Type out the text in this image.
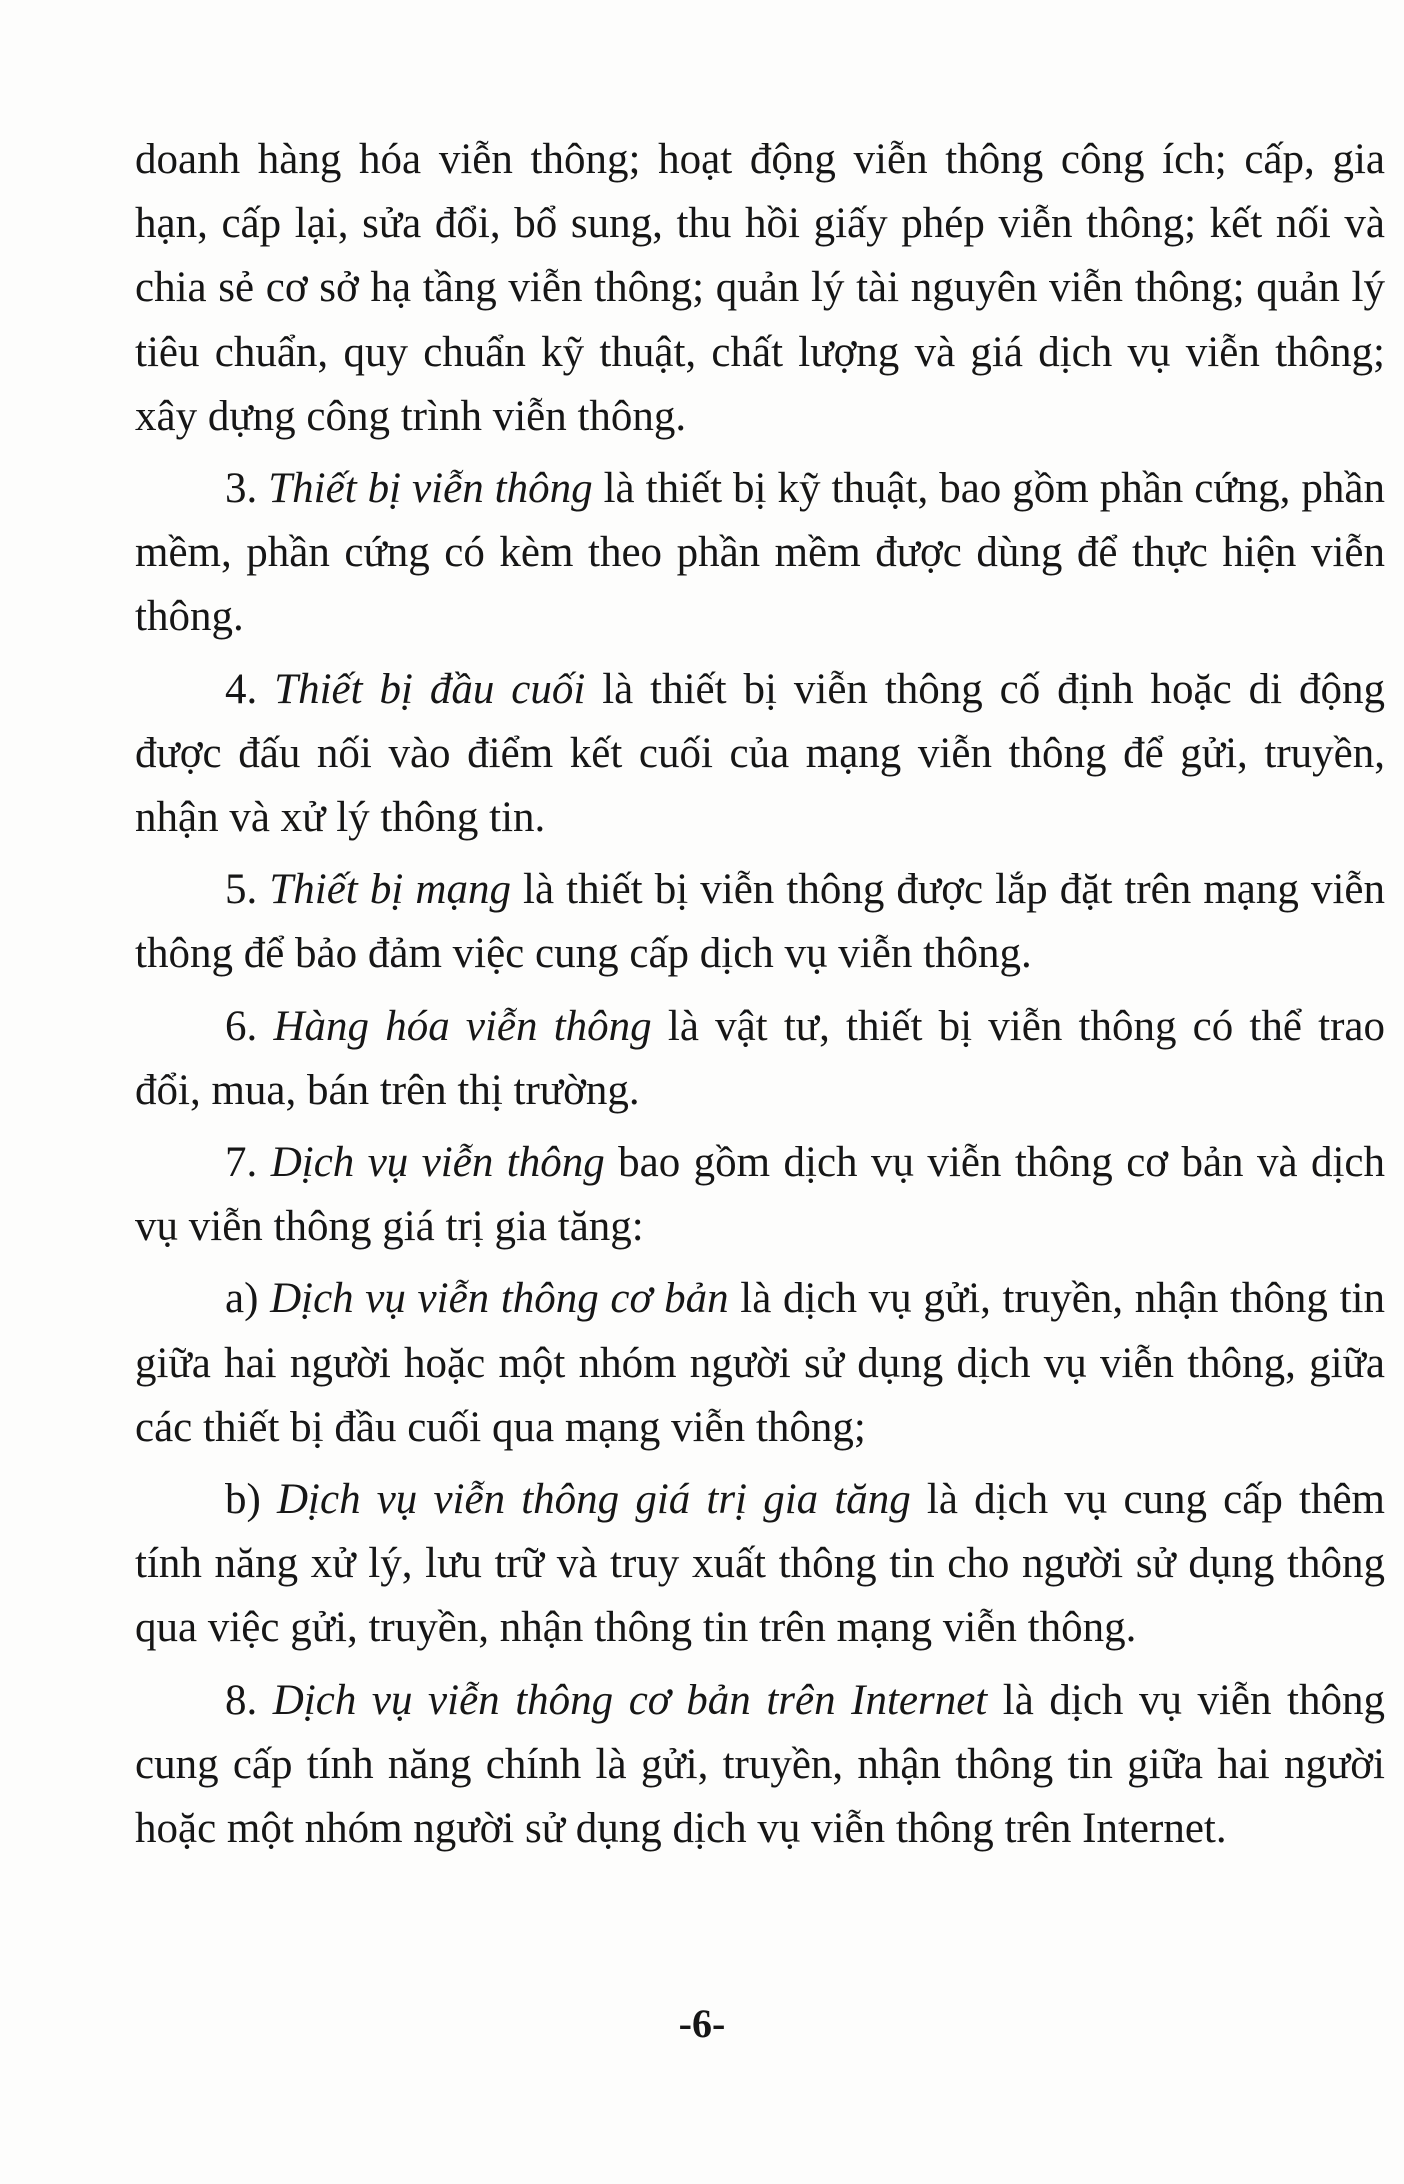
doanh hàng hóa viễn thông; hoạt động viễn thông công ích; cấp, gia hạn, cấp lại, sửa đổi, bổ sung, thu hồi giấy phép viễn thông; kết nối và chia sẻ cơ sở hạ tầng viễn thông; quản lý tài nguyên viễn thông; quản lý tiêu chuẩn, quy chuẩn kỹ thuật, chất lượng và giá dịch vụ viễn thông; xây dựng công trình viễn thông.

3. Thiết bị viễn thông là thiết bị kỹ thuật, bao gồm phần cứng, phần mềm, phần cứng có kèm theo phần mềm được dùng để thực hiện viễn thông.

4. Thiết bị đầu cuối là thiết bị viễn thông cố định hoặc di động được đấu nối vào điểm kết cuối của mạng viễn thông để gửi, truyền, nhận và xử lý thông tin.

5. Thiết bị mạng là thiết bị viễn thông được lắp đặt trên mạng viễn thông để bảo đảm việc cung cấp dịch vụ viễn thông.

6. Hàng hóa viễn thông là vật tư, thiết bị viễn thông có thể trao đổi, mua, bán trên thị trường.

7. Dịch vụ viễn thông bao gồm dịch vụ viễn thông cơ bản và dịch vụ viễn thông giá trị gia tăng:

a) Dịch vụ viễn thông cơ bản là dịch vụ gửi, truyền, nhận thông tin giữa hai người hoặc một nhóm người sử dụng dịch vụ viễn thông, giữa các thiết bị đầu cuối qua mạng viễn thông;

b) Dịch vụ viễn thông giá trị gia tăng là dịch vụ cung cấp thêm tính năng xử lý, lưu trữ và truy xuất thông tin cho người sử dụng thông qua việc gửi, truyền, nhận thông tin trên mạng viễn thông.

8. Dịch vụ viễn thông cơ bản trên Internet là dịch vụ viễn thông cung cấp tính năng chính là gửi, truyền, nhận thông tin giữa hai người hoặc một nhóm người sử dụng dịch vụ viễn thông trên Internet.

-6-
